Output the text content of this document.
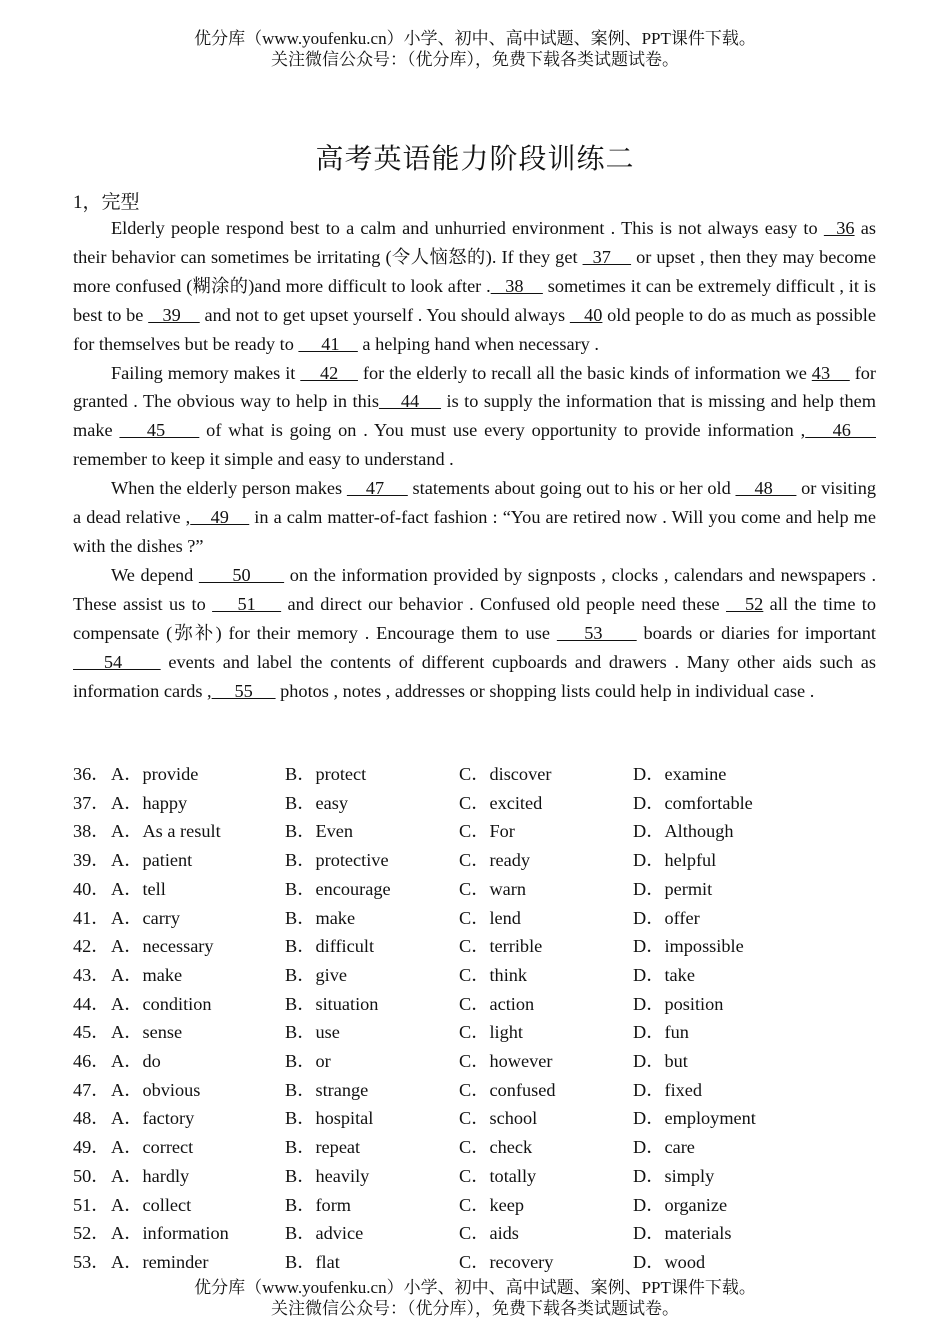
优分库（www.youfenku.cn）小学、初中、高中试题、案例、PPT课件下载。
关注微信公众号：（优分库），免费下载各类试题试卷。
高考英语能力阶段训练二
1，完型

Elderly people respond best to a calm and unhurried environment . This is not always easy to   36 as their behavior can sometimes be irritating (令人恼怒的). If they get   37     or upset , then they may become more confused (糊涂的)and more difficult to look after .   38     sometimes it can be extremely difficult , it is best to be    39     and not to get upset yourself . You should always    40 old people to do as much as possible for themselves but be ready to      41     a helping hand when necessary .

Failing memory makes it     42     for the elderly to recall all the basic kinds of information we 43     for granted . The obvious way to help in this    44     is to supply the information that is missing and help them make     45      of what is going on . You must use every opportunity to provide information ,    46     remember to keep it simple and easy to understand .

When the elderly person makes     47      statements about going out to his or her old     48      or visiting a dead relative ,    49     in a calm matter-of-fact fashion : “You are retired now . Will you come and help me with the dishes ?”

We depend       50       on the information provided by signposts , clocks , calendars and newspapers . These assist us to     51     and direct our behavior . Confused old people need these    52 all the time to compensate (弥补) for their memory . Encourage them to use     53      boards or diaries for important     54      events and label the contents of different cupboards and drawers . Many other aids such as information cards ,     55      photos , notes , addresses or shopping lists could help in individual case .

36． A．provide	B．protect	C．discover	D．examine
37． A．happy	B．easy	C．excited	D．comfortable
38． A．As a result	B．Even	C．For	D．Although
39． A．patient	B．protective	C．ready	D．helpful
40． A．tell	B．encourage	C．warn	D．permit
41． A．carry	B．make	C．lend	D．offer
42． A．necessary	B．difficult	C．terrible	D．impossible
43． A．make	B．give	C．think	D．take
44． A．condition	B．situation	C．action	D．position
45． A．sense	B．use	C．light	D．fun
46． A．do	B．or	C．however	D．but
47． A．obvious	B．strange	C．confused	D．fixed
48． A．factory	B．hospital	C．school	D．employment
49． A．correct	B．repeat	C．check	D．care
50． A．hardly	B．heavily	C．totally	D．simply
51． A．collect	B．form	C．keep	D．organize
52． A．information	B．advice	C．aids	D．materials
53． A．reminder	B．flat	C．recovery	D．wood
优分库（www.youfenku.cn）小学、初中、高中试题、案例、PPT课件下载。
关注微信公众号：（优分库），免费下载各类试题试卷。
